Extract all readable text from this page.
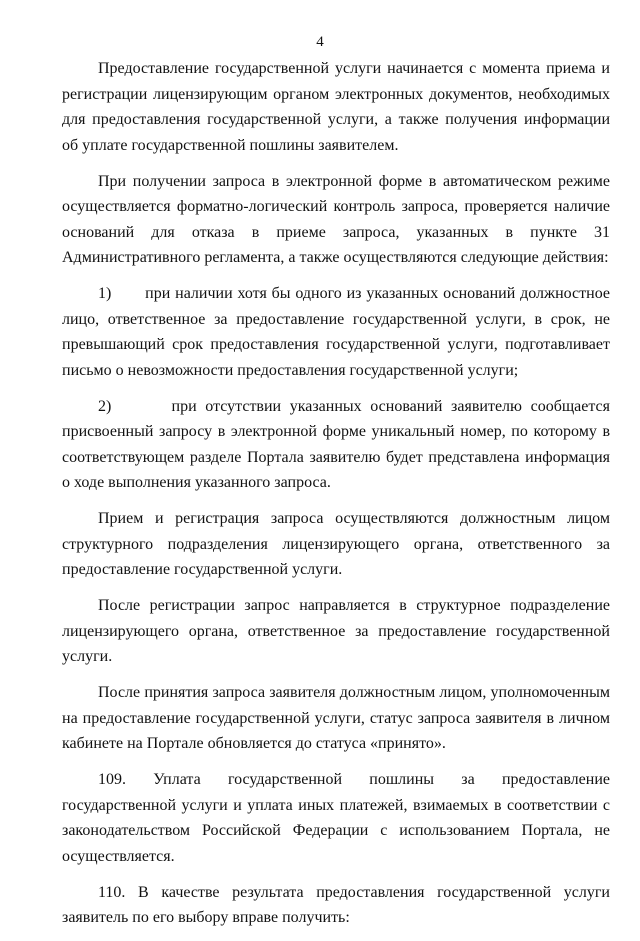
4

Предоставление государственной услуги начинается с момента приема и регистрации лицензирующим органом электронных документов, необходимых для предоставления государственной услуги, а также получения информации об уплате государственной пошлины заявителем.

При получении запроса в электронной форме в автоматическом режиме осуществляется форматно-логический контроль запроса, проверяется наличие оснований для отказа в приеме запроса, указанных в пункте 31 Административного регламента, а также осуществляются следующие действия:

1)       при наличии хотя бы одного из указанных оснований должностное лицо, ответственное за предоставление государственной услуги, в срок, не превышающий срок предоставления государственной услуги, подготавливает письмо о невозможности предоставления государственной услуги;

2)       при отсутствии указанных оснований заявителю сообщается присвоенный запросу в электронной форме уникальный номер, по которому в соответствующем разделе Портала заявителю будет представлена информация о ходе выполнения указанного запроса.

Прием и регистрация запроса осуществляются должностным лицом структурного подразделения лицензирующего органа, ответственного за предоставление государственной услуги.

После регистрации запрос направляется в структурное подразделение лицензирующего органа, ответственное за предоставление государственной услуги.

После принятия запроса заявителя должностным лицом, уполномоченным на предоставление государственной услуги, статус запроса заявителя в личном кабинете на Портале обновляется до статуса «принято».

109. Уплата государственной пошлины за предоставление государственной услуги и уплата иных платежей, взимаемых в соответствии с законодательством Российской Федерации с использованием Портала, не осуществляется.

110. В качестве результата предоставления государственной услуги заявитель по его выбору вправе получить:
